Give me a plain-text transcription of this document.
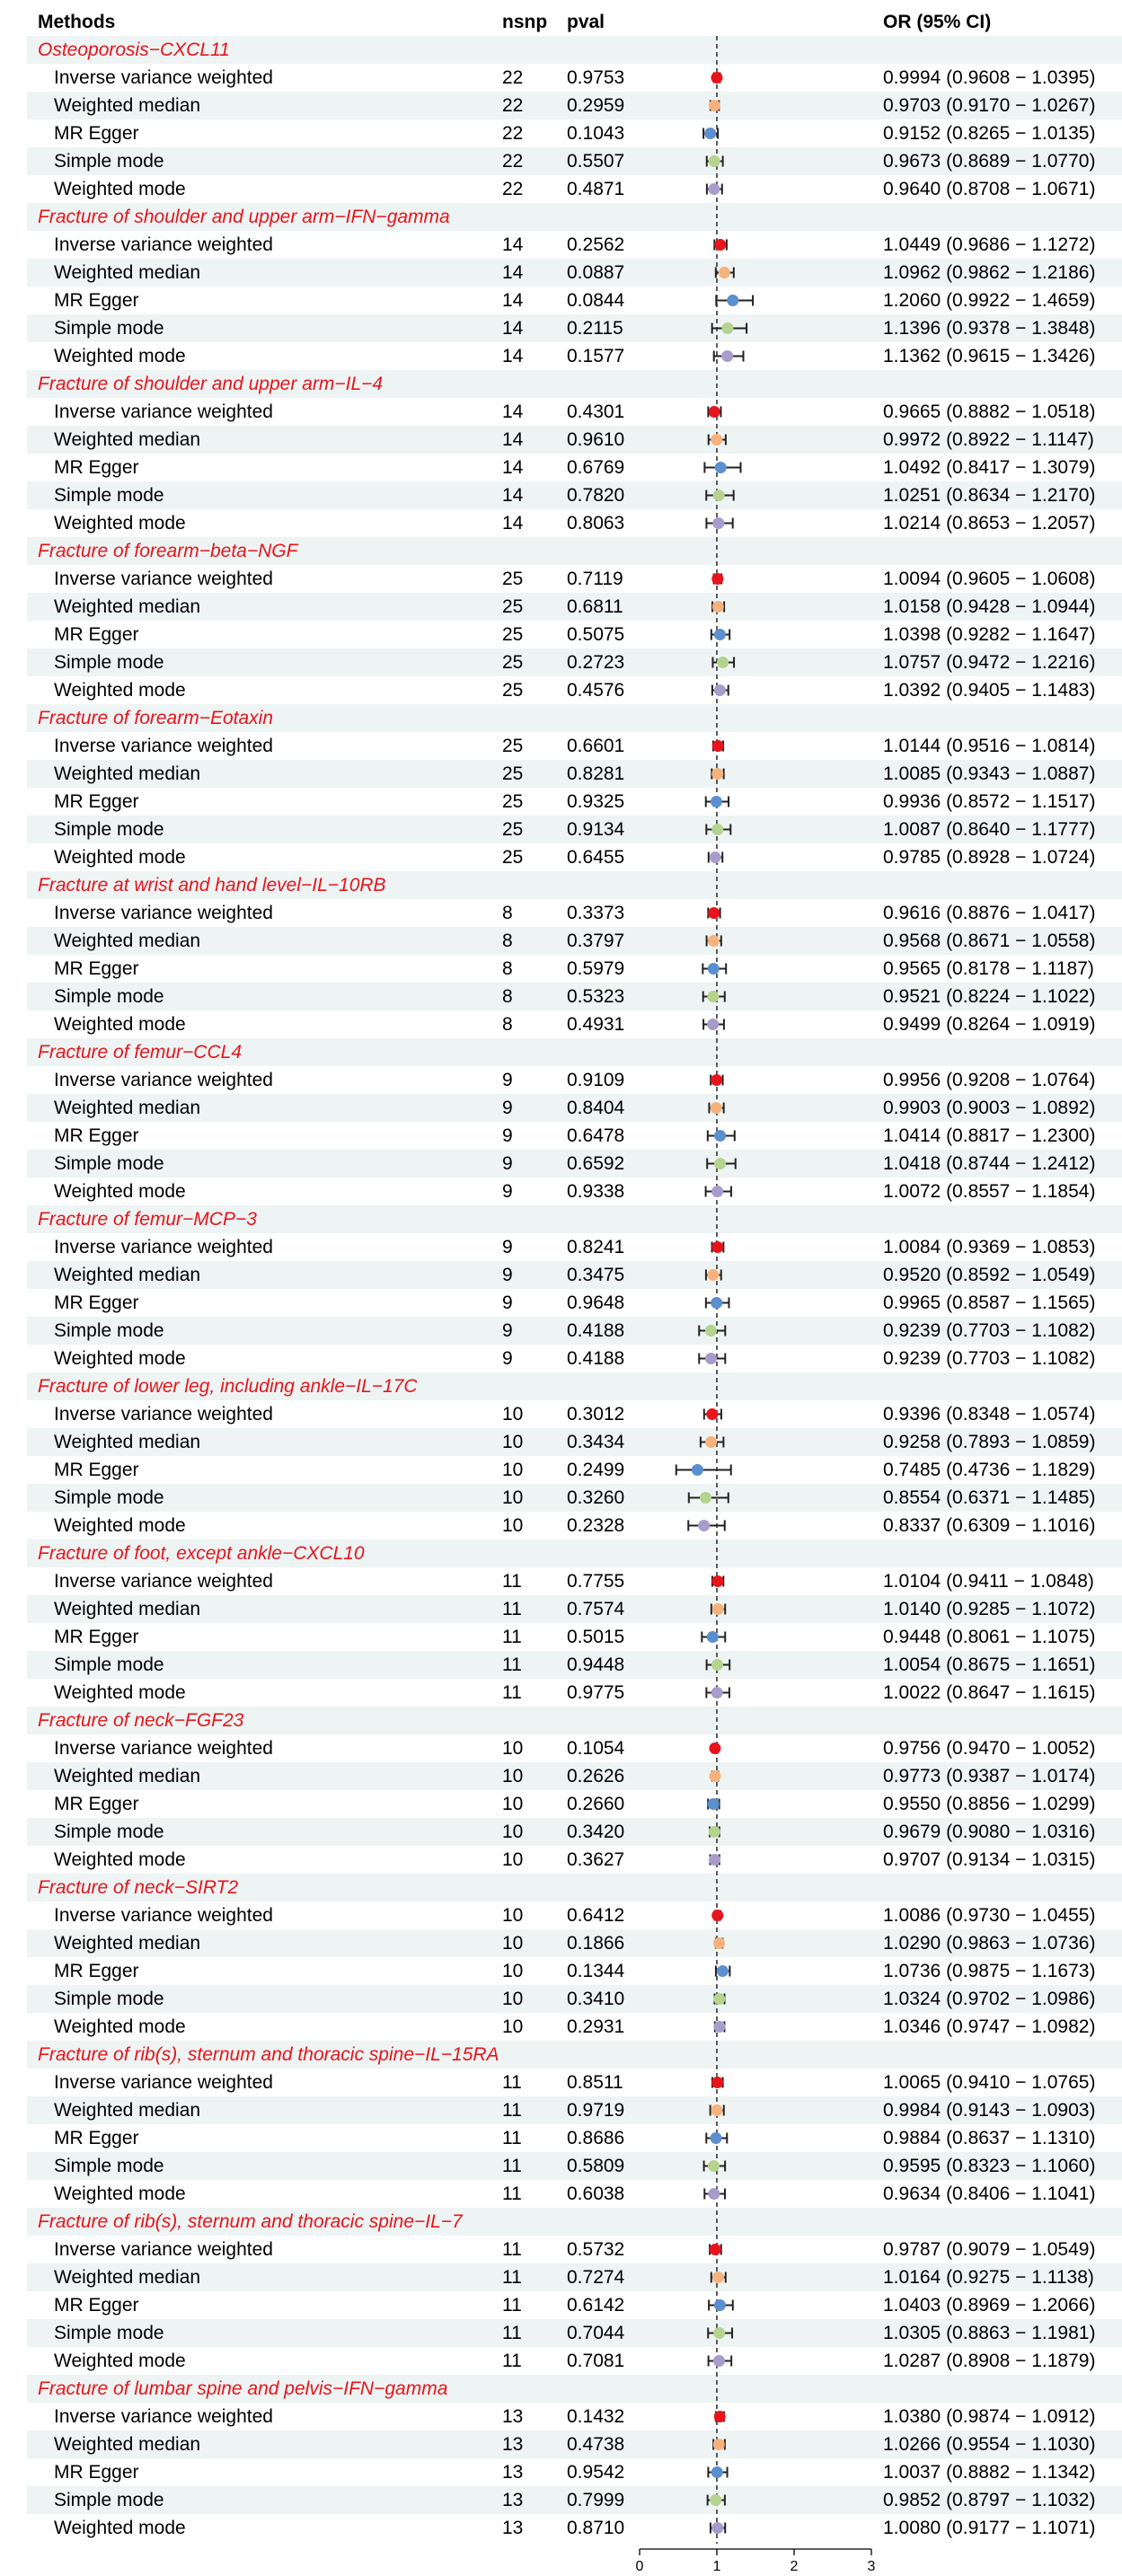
Osteoporosis−CXCL11
Inverse variance weighted	22 0.9753	0.9994 (0.9608 − 1.0395)
Weighted median	22 0.2959	0.9703 (0.9170 − 1.0267)
MR Egger	22 0.1043	0.9152 (0.8265 − 1.0135)
Simple mode	22 0.5507	0.9673 (0.8689 − 1.0770)
Weighted mode	22 0.4871	0.9640 (0.8708 − 1.0671)
Fracture of shoulder and upper arm−IFN−gamma
Inverse variance weighted	14 0.2562	1.0449 (0.9686 − 1.1272)
Weighted median	14 0.0887	1.0962 (0.9862 − 1.2186)
MR Egger	14 0.0844	1.2060 (0.9922 − 1.4659)
Simple mode	14 0.2115	1.1396 (0.9378 − 1.3848)
Weighted mode	14 0.1577	1.1362 (0.9615 − 1.3426)
Fracture of shoulder and upper arm−IL−4
Inverse variance weighted	14 0.4301	0.9665 (0.8882 − 1.0518)
Weighted median	14 0.9610	0.9972 (0.8922 − 1.1147)
MR Egger	14 0.6769	1.0492 (0.8417 − 1.3079)
Simple mode	14 0.7820	1.0251 (0.8634 − 1.2170)
Weighted mode	14 0.8063	1.0214 (0.8653 − 1.2057)
Fracture of forearm−beta−NGF
Inverse variance weighted	25 0.7119	1.0094 (0.9605 − 1.0608)
Weighted median	25 0.6811	1.0158 (0.9428 − 1.0944)
MR Egger	25 0.5075	1.0398 (0.9282 − 1.1647)
Simple mode	25 0.2723	1.0757 (0.9472 − 1.2216)
Weighted mode	25 0.4576	1.0392 (0.9405 − 1.1483)
Fracture of forearm−Eotaxin
Inverse variance weighted	25 0.6601	1.0144 (0.9516 − 1.0814)
Weighted median	25 0.8281	1.0085 (0.9343 − 1.0887)
MR Egger	25 0.9325	0.9936 (0.8572 − 1.1517)
Simple mode	25 0.9134	1.0087 (0.8640 − 1.1777)
Weighted mode	25 0.6455	0.9785 (0.8928 − 1.0724)
Fracture at wrist and hand level−IL−10RB
Inverse variance weighted	8	0.3373	0.9616 (0.8876 − 1.0417)
Weighted median	8	0.3797	0.9568 (0.8671 − 1.0558)
MR Egger	8	0.5979	0.9565 (0.8178 − 1.1187)
Simple mode	8	0.5323	0.9521 (0.8224 − 1.1022)
Weighted mode	8	0.4931	0.9499 (0.8264 − 1.0919)
Fracture of femur−CCL4
Inverse variance weighted	9	0.9109	0.9956 (0.9208 − 1.0764)
Weighted median	9	0.8404	0.9903 (0.9003 − 1.0892)
MR Egger	9	0.6478	1.0414 (0.8817 − 1.2300)
Simple mode	9	0.6592	1.0418 (0.8744 − 1.2412)
Weighted mode	9	0.9338	1.0072 (0.8557 − 1.1854)
Fracture of femur−MCP−3
Inverse variance weighted	9	0.8241	1.0084 (0.9369 − 1.0853)
Weighted median	9	0.3475	0.9520 (0.8592 − 1.0549)
MR Egger	9	0.9648	0.9965 (0.8587 − 1.1565)
Simple mode	9	0.4188	0.9239 (0.7703 − 1.1082)
Weighted mode	9	0.4188	0.9239 (0.7703 − 1.1082)
Fracture of lower leg, including ankle−IL−17C
Inverse variance weighted	10 0.3012	0.9396 (0.8348 − 1.0574)
Weighted median	10 0.3434	0.9258 (0.7893 − 1.0859)
MR Egger	10 0.2499	0.7485 (0.4736 − 1.1829)
Simple mode	10 0.3260	0.8554 (0.6371 − 1.1485)
Weighted mode	10 0.2328	0.8337 (0.6309 − 1.1016)
Fracture of foot, except ankle−CXCL10
Inverse variance weighted	11 0.7755	1.0104 (0.9411 − 1.0848)
Weighted median	11 0.7574	1.0140 (0.9285 − 1.1072)
MR Egger	11 0.5015	0.9448 (0.8061 − 1.1075)
Simple mode	11 0.9448	1.0054 (0.8675 − 1.1651)
Weighted mode	11 0.9775	1.0022 (0.8647 − 1.1615)
Fracture of neck−FGF23
Inverse variance weighted	10 0.1054	0.9756 (0.9470 − 1.0052)
Weighted median	10 0.2626	0.9773 (0.9387 − 1.0174)
MR Egger	10 0.2660	0.9550 (0.8856 − 1.0299)
Simple mode	10 0.3420	0.9679 (0.9080 − 1.0316)
Weighted mode	10 0.3627	0.9707 (0.9134 − 1.0315)
Fracture of neck−SIRT2
Inverse variance weighted	10 0.6412	1.0086 (0.9730 − 1.0455)
Weighted median	10 0.1866	1.0290 (0.9863 − 1.0736)
MR Egger	10 0.1344	1.0736 (0.9875 − 1.1673)
Simple mode	10 0.3410	1.0324 (0.9702 − 1.0986)
Weighted mode	10 0.2931	1.0346 (0.9747 − 1.0982)
Fracture of rib(s), sternum and thoracic spine−IL−15RA
Inverse variance weighted	11 0.8511	1.0065 (0.9410 − 1.0765)
Weighted median	11 0.9719	0.9984 (0.9143 − 1.0903)
MR Egger	11 0.8686	0.9884 (0.8637 − 1.1310)
Simple mode	11 0.5809	0.9595 (0.8323 − 1.1060)
Weighted mode	11 0.6038	0.9634 (0.8406 − 1.1041)
Fracture of rib(s), sternum and thoracic spine−IL−7
Inverse variance weighted	11 0.5732	0.9787 (0.9079 − 1.0549)
Weighted median	11 0.7274	1.0164 (0.9275 − 1.1138)
MR Egger	11 0.6142	1.0403 (0.8969 − 1.2066)
Simple mode	11 0.7044	1.0305 (0.8863 − 1.1981)
Weighted mode	11 0.7081	1.0287 (0.8908 − 1.1879)
Fracture of lumbar spine and pelvis−IFN−gamma
Inverse variance weighted	13 0.1432	1.0380 (0.9874 − 1.0912)
Weighted median	13 0.4738	1.0266 (0.9554 − 1.1030)
MR Egger	13 0.9542	1.0037 (0.8882 − 1.1342)
Simple mode	13 0.7999	0.9852 (0.8797 − 1.1032)
Weighted mode	13 0.8710	1.0080 (0.9177 − 1.1071)
Methods	nsnp pval	OR (95% CI)
0	1	2	3
